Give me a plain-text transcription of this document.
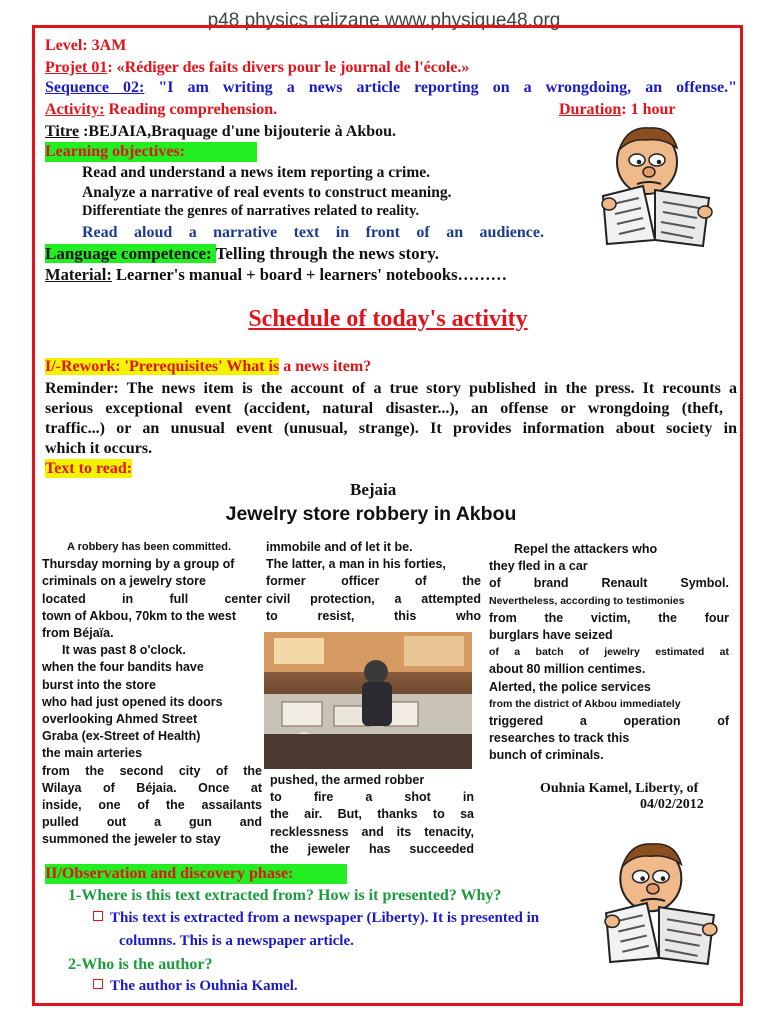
p48 physics relizane www.physique48.org
Level: 3AM
Projet 01: «Rédiger des faits divers pour le journal de l'école.»
Sequence 02: "I am writing a news article reporting on a wrongdoing, an offense."
Activity: Reading comprehension.	Duration: 1 hour
Titre :BEJAIA,Braquage d'une bijouterie à Akbou.
Learning objectives:
Read and understand a news item reporting a crime.
Analyze a narrative of real events to construct meaning.
Differentiate the genres of narratives related to reality.
Read aloud a narrative text in front of an audience.
Language competence: Telling through the news story.
Material: Learner's manual + board + learners' notebooks………
Schedule of today's activity
I/-Rework: 'Prerequisites' What is a news item?
Reminder: The news item is the account of a true story published in the press. It recounts a
serious exceptional event (accident, natural disaster...), an offense or wrongdoing (theft,
traffic...) or an unusual event (unusual, strange). It provides information about society in
which it occurs.
Text to read:
Bejaia
Jewelry store robbery in Akbou
A robbery has been committed.
Thursday morning by a group of
criminals on a jewelry store
located in full center
town of Akbou, 70km to the west
from Béjaïa.
It was past 8 o'clock.
when the four bandits have
burst into the store
who had just opened its doors
overlooking Ahmed Street
Graba (ex-Street of Health)
the main arteries
from the second city of the
Wilaya of Béjaia. Once at
inside, one of the assailants
pulled out a gun and
summoned the jeweler to stay
immobile and of let it be.
The latter, a man in his forties,
former officer of the
civil protection, a attempted
to resist, this who
pushed, the armed robber
to fire a shot in
the air. But, thanks to sa
recklessness and its tenacity,
the jeweler has succeeded
Repel the attackers who
they fled in a car
of brand Renault Symbol.
Nevertheless, according to testimonies
from the victim, the four
burglars have seized
of a batch of jewelry estimated at
about 80 million centimes.
Alerted, the police services
from the district of Akbou immediately
triggered a operation of
researches to track this
bunch of criminals.
Ouhnia Kamel, Liberty, of
04/02/2012
II/Observation and discovery phase:
1-Where is this text extracted from? How is it presented? Why?
This text is extracted from a newspaper (Liberty). It is presented in
columns. This is a newspaper article.
2-Who is the author?
The author is Ouhnia Kamel.
